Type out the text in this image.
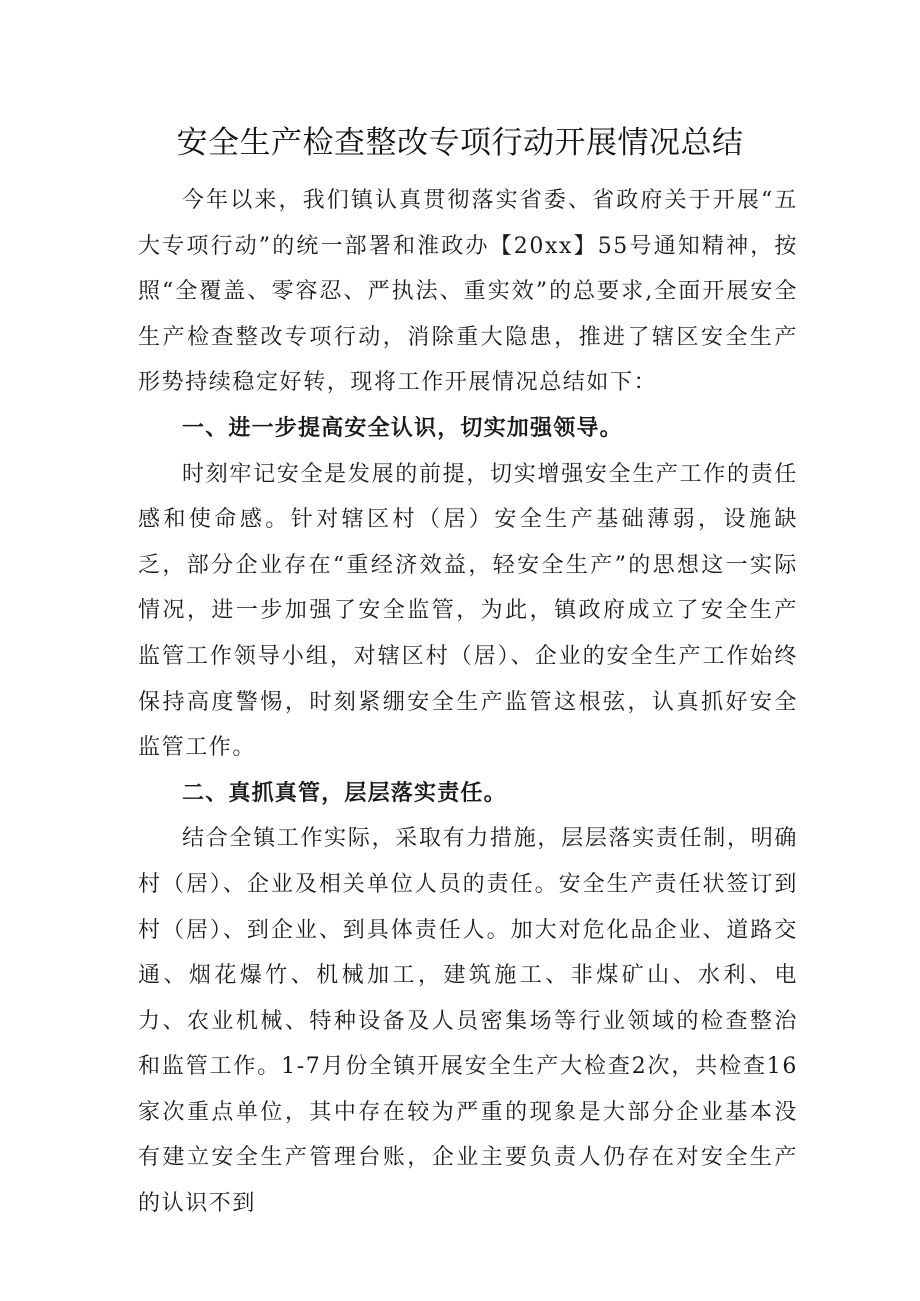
安全生产检查整改专项行动开展情况总结

今年以来，我们镇认真贯彻落实省委、省政府关于开展“五大专项行动”的统一部署和淮政办【20xx】55号通知精神，按照“全覆盖、零容忍、严执法、重实效”的总要求,全面开展安全生产检查整改专项行动，消除重大隐患，推进了辖区安全生产形势持续稳定好转，现将工作开展情况总结如下：

一、进一步提高安全认识，切实加强领导。

时刻牢记安全是发展的前提，切实增强安全生产工作的责任感和使命感。针对辖区村（居）安全生产基础薄弱，设施缺乏，部分企业存在“重经济效益，轻安全生产”的思想这一实际情况，进一步加强了安全监管，为此，镇政府成立了安全生产监管工作领导小组，对辖区村（居）、企业的安全生产工作始终保持高度警惕，时刻紧绷安全生产监管这根弦，认真抓好安全监管工作。

二、真抓真管，层层落实责任。

结合全镇工作实际，采取有力措施，层层落实责任制，明确村（居）、企业及相关单位人员的责任。安全生产责任状签订到村（居）、到企业、到具体责任人。加大对危化品企业、道路交通、烟花爆竹、机械加工，建筑施工、非煤矿山、水利、电力、农业机械、特种设备及人员密集场等行业领域的检查整治和监管工作。1-7月份全镇开展安全生产大检查2次，共检查16家次重点单位，其中存在较为严重的现象是大部分企业基本没有建立安全生产管理台账，企业主要负责人仍存在对安全生产的认识不到
